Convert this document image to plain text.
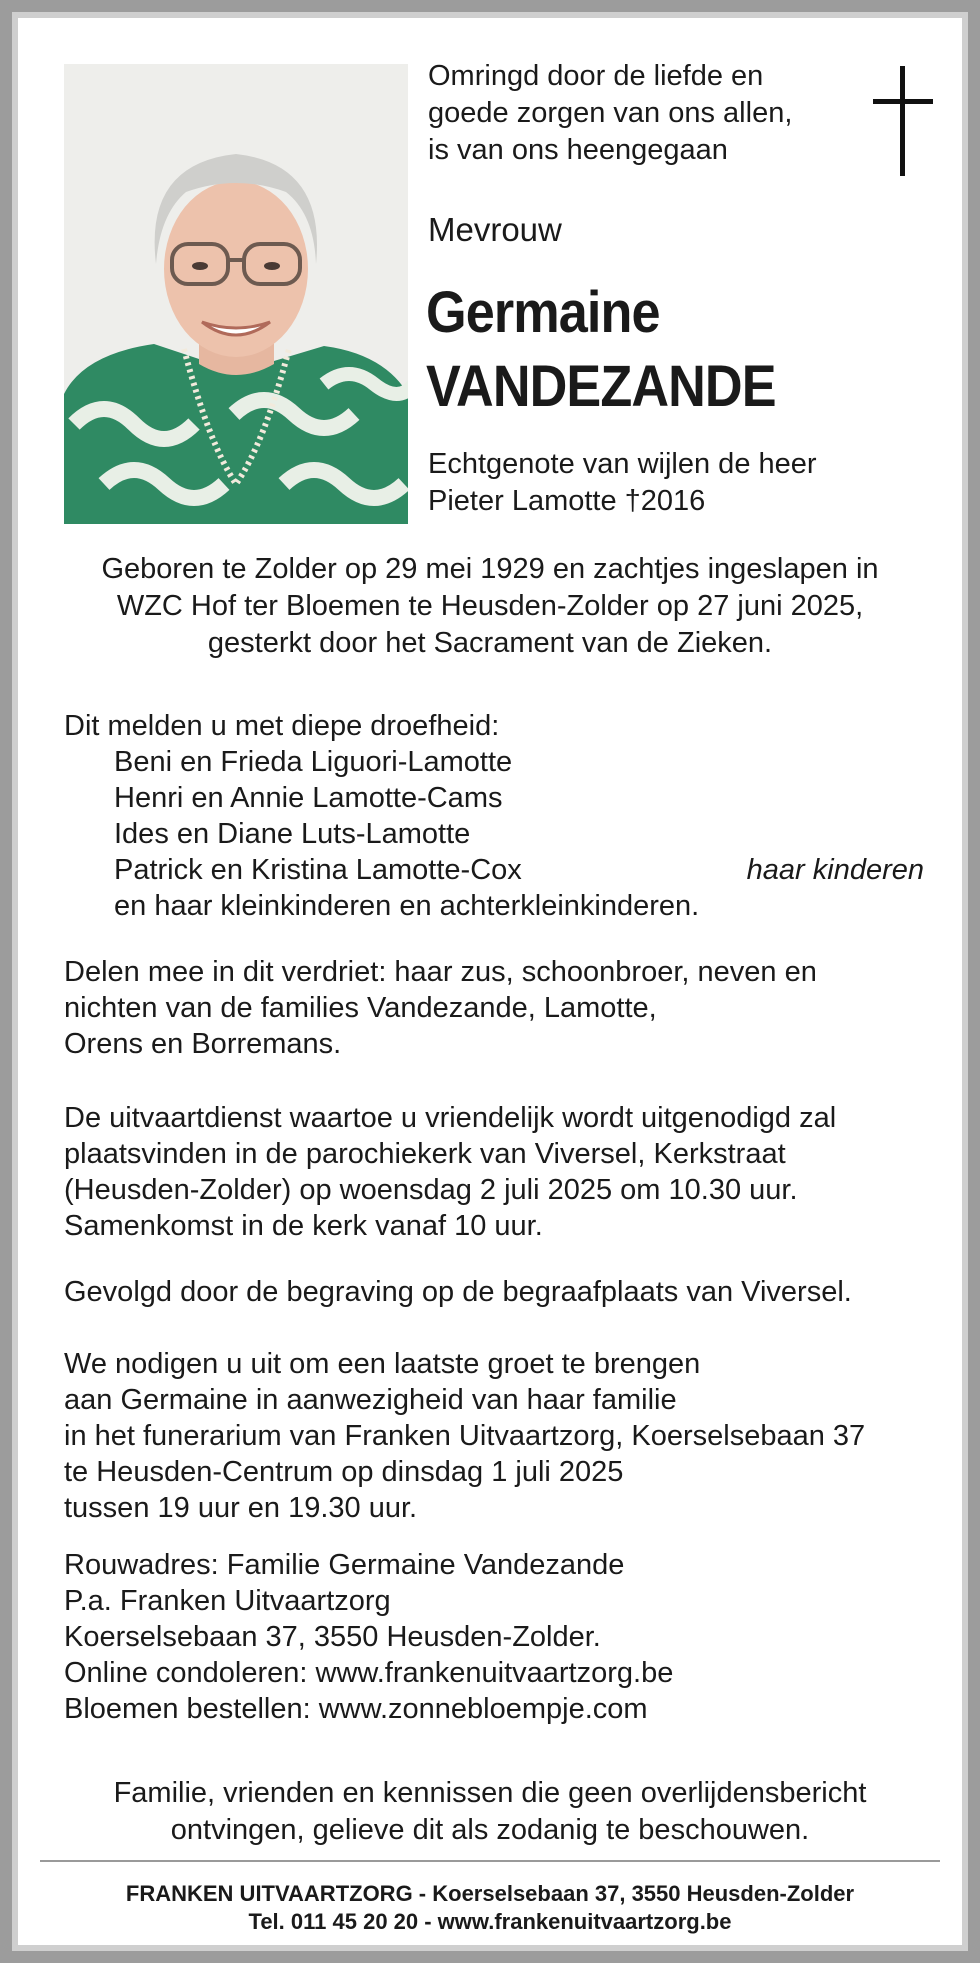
Omringd door de liefde en
goede zorgen van ons allen,
is van ons heengegaan
Mevrouw
Germaine
VANDEZANDE
Echtgenote van wijlen de heer
Pieter Lamotte †2016
Geboren te Zolder op 29 mei 1929 en zachtjes ingeslapen in
WZC Hof ter Bloemen te Heusden-Zolder op 27 juni 2025,
gesterkt door het Sacrament van de Zieken.
Dit melden u met diepe droefheid:
Beni en Frieda Liguori-Lamotte
Henri en Annie Lamotte-Cams
Ides en Diane Luts-Lamotte
Patrick en Kristina Lamotte-Cox	haar kinderen
en haar kleinkinderen en achterkleinkinderen.
Delen mee in dit verdriet: haar zus, schoonbroer, neven en
nichten van de families Vandezande, Lamotte,
Orens en Borremans.
De uitvaartdienst waartoe u vriendelijk wordt uitgenodigd zal
plaatsvinden in de parochiekerk van Viversel, Kerkstraat
(Heusden-Zolder) op woensdag 2 juli 2025 om 10.30 uur.
Samenkomst in de kerk vanaf 10 uur.
Gevolgd door de begraving op de begraafplaats van Viversel.
We nodigen u uit om een laatste groet te brengen
aan Germaine in aanwezigheid van haar familie
in het funerarium van Franken Uitvaartzorg, Koerselsebaan 37
te Heusden-Centrum op dinsdag 1 juli 2025
tussen 19 uur en 19.30 uur.
Rouwadres: Familie Germaine Vandezande
P.a. Franken Uitvaartzorg
Koerselsebaan 37, 3550 Heusden-Zolder.
Online condoleren: www.frankenuitvaartzorg.be
Bloemen bestellen: www.zonnebloempje.com
Familie, vrienden en kennissen die geen overlijdensbericht
ontvingen, gelieve dit als zodanig te beschouwen.
FRANKEN UITVAARTZORG - Koerselsebaan 37, 3550 Heusden-Zolder
Tel. 011 45 20 20 - www.frankenuitvaartzorg.be
